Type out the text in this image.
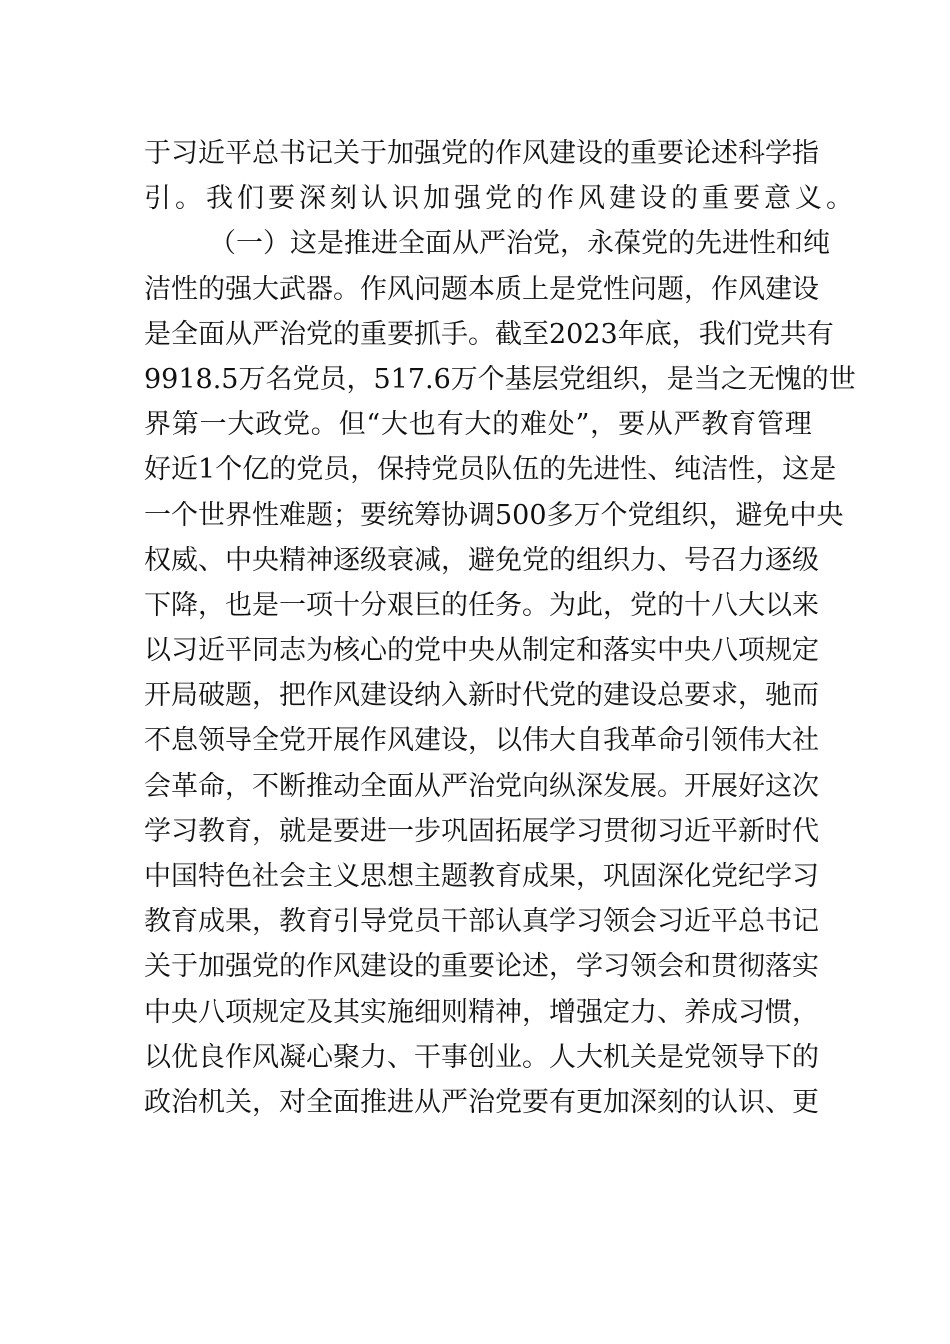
于 习 近 平 总 书 记 关 于 加 强 党 的 作 风 建 设 的 重 要 论 述 科 学 指
引。我们要深刻认识加强党的作风建设的重要意义。
（ 一 ） 这 是 推 进 全 面 从 严 治 党 ， 永 葆 党 的 先 进 性 和 纯
洁 性 的 强 大 武 器 。 作 风 问 题 本 质 上 是 党 性 问 题 ， 作 风 建 设
是 全 面 从 严 治 党 的 重 要 抓 手 。 截 至 2023 年 底 ， 我 们 党 共 有
9918.5 万 名 党 员 ， 517.6 万 个 基 层 党 组 织 ， 是 当 之 无 愧 的 世
界 第 一 大 政 党 。 但 “ 大 也 有 大 的 难 处 ” ， 要 从 严 教 育 管 理
好 近 1 个 亿 的 党 员 ， 保 持 党 员 队 伍 的 先 进 性 、 纯 洁 性 ， 这 是
一 个 世 界 性 难 题 ； 要 统 筹 协 调 500 多 万 个 党 组 织 ， 避 免 中 央
权 威 、 中 央 精 神 逐 级 衰 减 ， 避 免 党 的 组 织 力 、 号 召 力 逐 级
下 降 ， 也 是 一 项 十 分 艰 巨 的 任 务 。 为 此 ， 党 的 十 八 大 以 来
以 习 近 平 同 志 为 核 心 的 党 中 央 从 制 定 和 落 实 中 央 八 项 规 定
开 局 破 题 ， 把 作 风 建 设 纳 入 新 时 代 党 的 建 设 总 要 求 ， 驰 而
不 息 领 导 全 党 开 展 作 风 建 设 ， 以 伟 大 自 我 革 命 引 领 伟 大 社
会 革 命 ， 不 断 推 动 全 面 从 严 治 党 向 纵 深 发 展 。 开 展 好 这 次
学 习 教 育 ， 就 是 要 进 一 步 巩 固 拓 展 学 习 贯 彻 习 近 平 新 时 代
中 国 特 色 社 会 主 义 思 想 主 题 教 育 成 果 ， 巩 固 深 化 党 纪 学 习
教 育 成 果 ， 教 育 引 导 党 员 干 部 认 真 学 习 领 会 习 近 平 总 书 记
关 于 加 强 党 的 作 风 建 设 的 重 要 论 述 ， 学 习 领 会 和 贯 彻 落 实
中 央 八 项 规 定 及 其 实 施 细 则 精 神 ， 增 强 定 力 、 养 成 习 惯 ，
以 优 良 作 风 凝 心 聚 力 、 干 事 创 业 。 人 大 机 关 是 党 领 导 下 的
政 治 机 关 ， 对 全 面 推 进 从 严 治 党 要 有 更 加 深 刻 的 认 识 、 更
